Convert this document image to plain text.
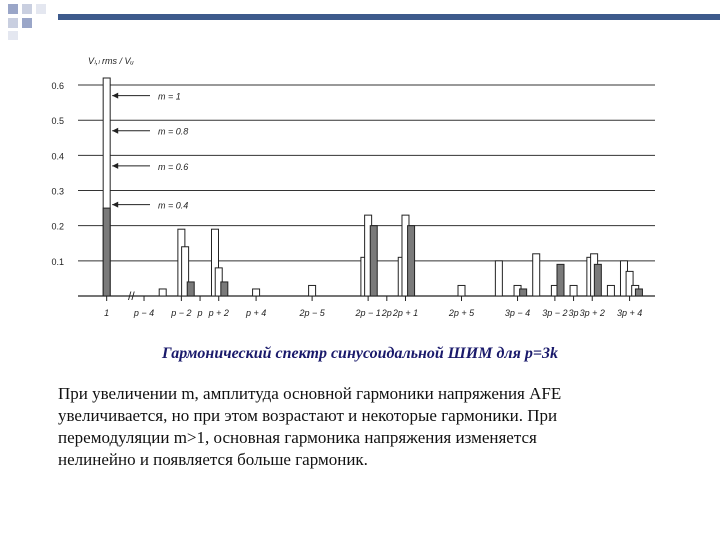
0.6
0.5
0.4
0.3
0.2
0.1
Vₗ,ₗ rms / Vᵤ
//
1	p − 4 p − 2 p p + 2 p + 4	2p − 5	2p − 1 2p 2p + 1	2p + 5	3p − 4 3p − 2 3p 3p + 2 3p + 4
m = 1
m = 0.8
m = 0.6
m = 0.4

Гармонический спектр синусоидальной ШИМ для p=3k

При увеличении m, амплитуда основной гармоники напряжения AFE
увеличивается, но при этом возрастают и некоторые гармоники. При
перемодуляции m>1, основная гармоника напряжения изменяется
нелинейно и появляется больше гармоник.
